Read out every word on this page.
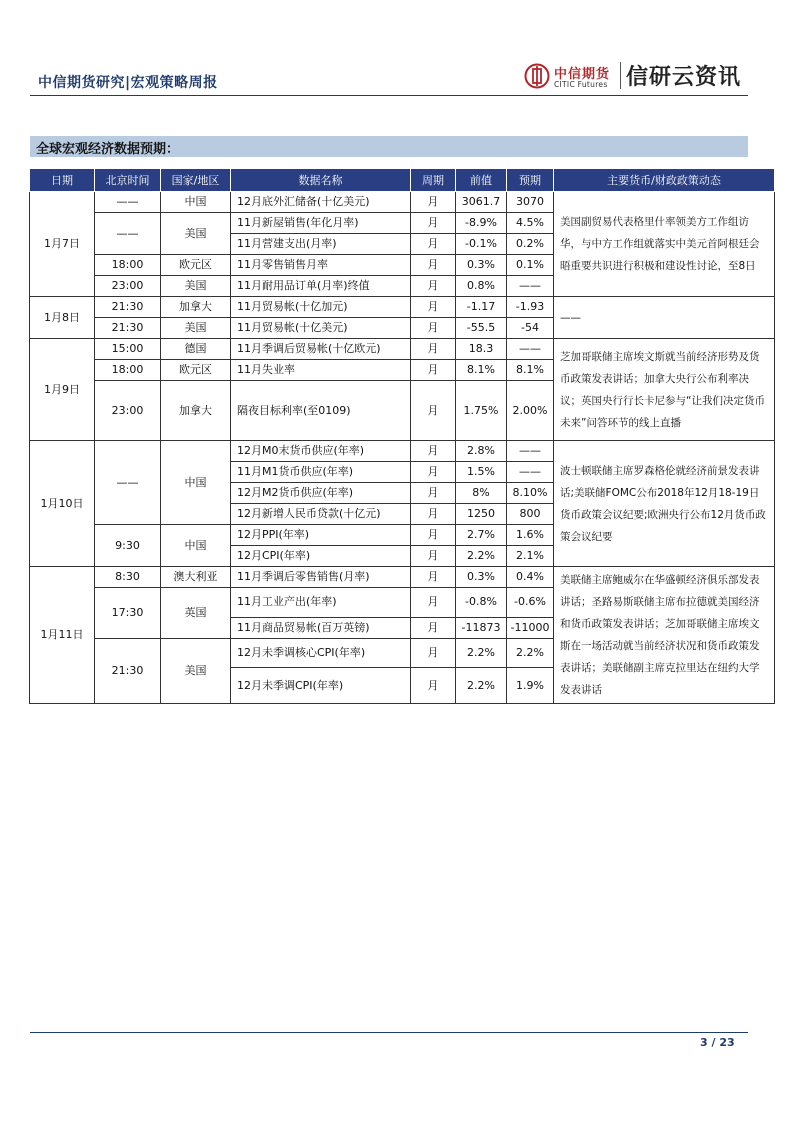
中信期货研究|宏观策略周报
中信期货
CITIC Futures 信研云资讯
全球宏观经济数据预期：
日期	北京时间	国家/地区	数据名称	周期	前值	预期	主要货币/财政政策动态
1月7日	——	中国	12月底外汇储备(十亿美元)	月	3061.7	3070	美国副贸易代表格里什率领美方工作组访华，与中方工作组就落实中美元首阿根廷会晤重要共识进行积极和建设性讨论，至8日
	——	美国	11月新屋销售(年化月率)	月	-8.9%	4.5%	
			11月营建支出(月率)	月	-0.1%	0.2%	
	18:00	欧元区	11月零售销售月率	月	0.3%	0.1%	
	23:00	美国	11月耐用品订单(月率)终值	月	0.8%	——	
1月8日	21:30	加拿大	11月贸易帐(十亿加元)	月	-1.17	-1.93	——
	21:30	美国	11月贸易帐(十亿美元)	月	-55.5	-54	
1月9日	15:00	德国	11月季调后贸易帐(十亿欧元)	月	18.3	——	芝加哥联储主席埃文斯就当前经济形势及货币政策发表讲话；加拿大央行公布利率决议；英国央行行长卡尼参与“让我们决定货币未来”问答环节的线上直播
	18:00	欧元区	11月失业率	月	8.1%	8.1%	
	23:00	加拿大	隔夜目标利率(至0109)	月	1.75%	2.00%	
1月10日	——	中国	12月M0末货币供应(年率)	月	2.8%	——	波士顿联储主席罗森格伦就经济前景发表讲话;美联储FOMC公布2018年12月18-19日货币政策会议纪要;欧洲央行公布12月货币政策会议纪要
			11月M1货币供应(年率)	月	1.5%	——	
			12月M2货币供应(年率)	月	8%	8.10%	
			12月新增人民币贷款(十亿元)	月	1250	800	
	9:30	中国	12月PPI(年率)	月	2.7%	1.6%	
			12月CPI(年率)	月	2.2%	2.1%	
1月11日	8:30	澳大利亚	11月季调后零售销售(月率)	月	0.3%	0.4%	美联储主席鲍威尔在华盛顿经济俱乐部发表讲话；圣路易斯联储主席布拉德就美国经济和货币政策发表讲话；芝加哥联储主席埃文斯在一场活动就当前经济状况和货币政策发表讲话；美联储副主席克拉里达在纽约大学发表讲话
	17:30	英国	11月工业产出(年率)	月	-0.8%	-0.6%	
			11月商品贸易帐(百万英镑)	月	-11873	-11000	
	21:30	美国	12月未季调核心CPI(年率)	月	2.2%	2.2%	
			12月未季调CPI(年率)	月	2.2%	1.9%	
3 / 23
